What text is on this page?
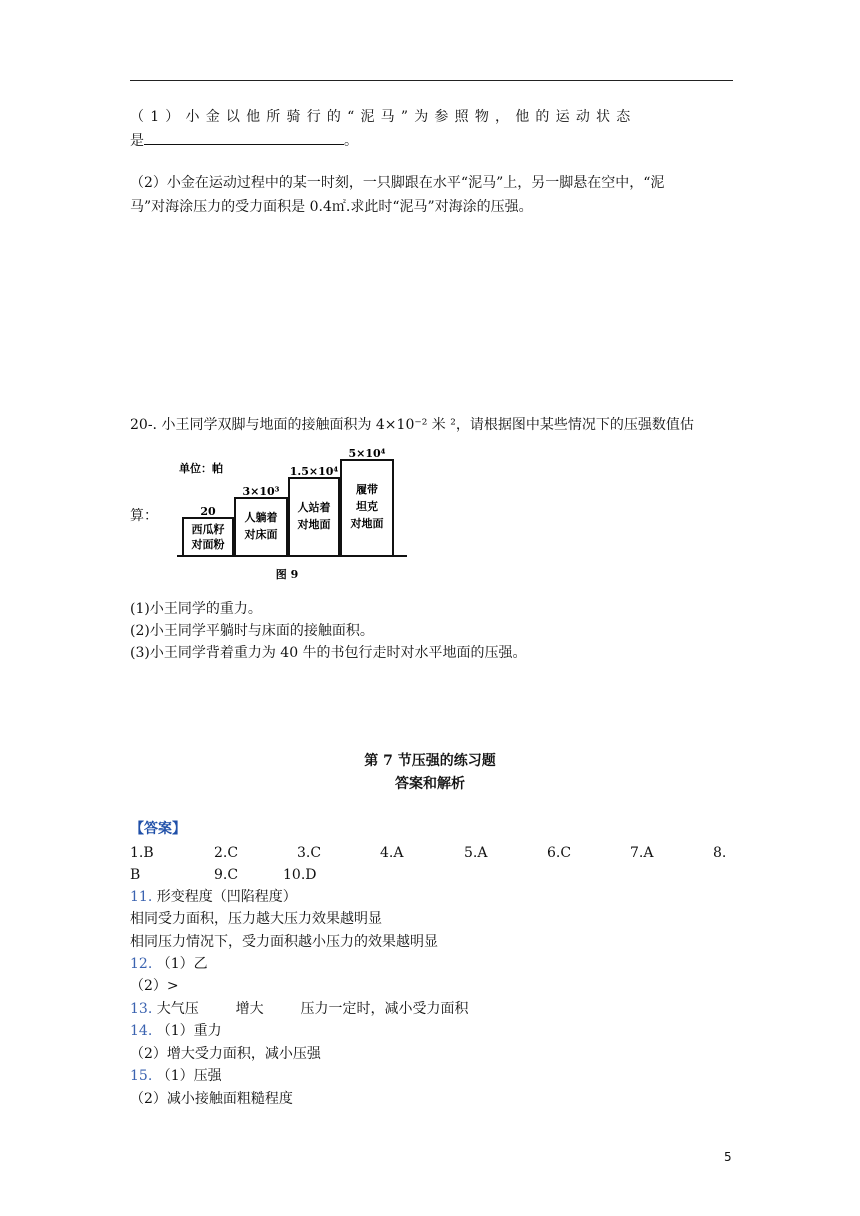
（1）小金以他所骑行的“泥马”为参照物，他的运动状态
是	。
（2）小金在运动过程中的某一时刻，一只脚跟在水平“泥马”上，另一脚悬在空中，“泥
马”对海涂压力的受力面积是 0.4㎡.求此时“泥马”对海涂的压强。
20-. 小王同学双脚与地面的接触面积为 4×10⁻² 米 ²，请根据图中某些情况下的压强数值估
算：
单位：帕
20
3×10³
1.5×10⁴
5×10⁴
西瓜籽
对面粉
人躺着
对床面
人站着
对地面
履带
坦克
对地面
图 9
(1)小王同学的重力。
(2)小王同学平躺时与床面的接触面积。
(3)小王同学背着重力为 40 牛的书包行走时对水平地面的压强。
第 7 节压强的练习题
答案和解析
【答案】
1.B	2.C	3.C	4.A	5.A	6.C	7.A	8.
B	9.C	10.D
11. 形变程度（凹陷程度）
相同受力面积，压力越大压力效果越明显
相同压力情况下，受力面积越小压力的效果越明显
12. （1）乙
（2）>
13. 大气压	增大	压力一定时，减小受力面积
14. （1）重力
（2）增大受力面积，减小压强
15. （1）压强
（2）减小接触面粗糙程度
5
